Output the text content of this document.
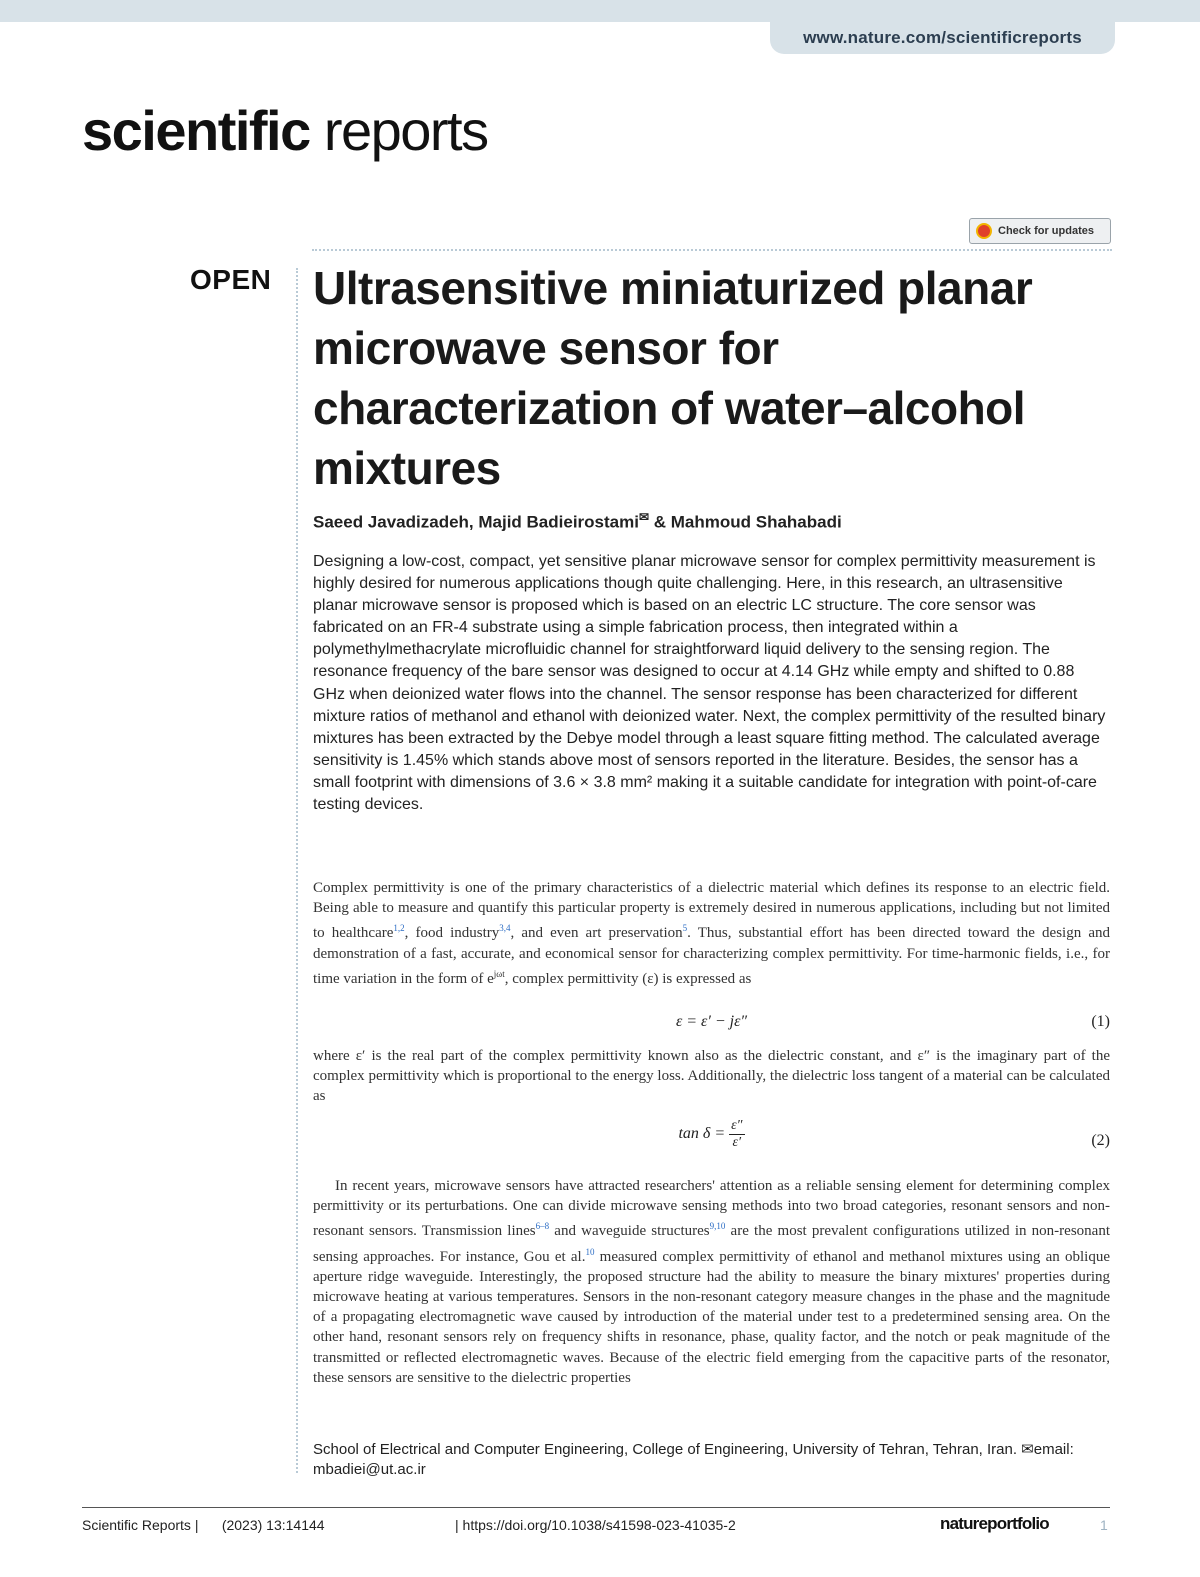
www.nature.com/scientificreports
scientific reports
Check for updates
OPEN Ultrasensitive miniaturized planar microwave sensor for characterization of water–alcohol mixtures
Saeed Javadizadeh, Majid Badieirostami✉ & Mahmoud Shahabadi

Designing a low-cost, compact, yet sensitive planar microwave sensor for complex permittivity measurement is highly desired for numerous applications though quite challenging. Here, in this research, an ultrasensitive planar microwave sensor is proposed which is based on an electric LC structure. The core sensor was fabricated on an FR-4 substrate using a simple fabrication process, then integrated within a polymethylmethacrylate microfluidic channel for straightforward liquid delivery to the sensing region. The resonance frequency of the bare sensor was designed to occur at 4.14 GHz while empty and shifted to 0.88 GHz when deionized water flows into the channel. The sensor response has been characterized for different mixture ratios of methanol and ethanol with deionized water. Next, the complex permittivity of the resulted binary mixtures has been extracted by the Debye model through a least square fitting method. The calculated average sensitivity is 1.45% which stands above most of sensors reported in the literature. Besides, the sensor has a small footprint with dimensions of 3.6 × 3.8 mm² making it a suitable candidate for integration with point-of-care testing devices.

Complex permittivity is one of the primary characteristics of a dielectric material which defines its response to an electric field. Being able to measure and quantify this particular property is extremely desired in numerous applications, including but not limited to healthcare$^{1,2}$, food industry$^{3,4}$, and even art preservation$^5$. Thus, substantial effort has been directed toward the design and demonstration of a fast, accurate, and economical sensor for characterizing complex permittivity. For time-harmonic fields, i.e., for time variation in the form of $e^{j\omega t}$, complex permittivity (ε) is expressed as

ε = ε′ − jε″	(1)

where ε′ is the real part of the complex permittivity known also as the dielectric constant, and ε″ is the imaginary part of the complex permittivity which is proportional to the energy loss. Additionally, the dielectric loss tangent of a material can be calculated as

$\tan \delta = \frac{\varepsilon''}{\varepsilon'}$	(2)

In recent years, microwave sensors have attracted researchers' attention as a reliable sensing element for determining complex permittivity or its perturbations. One can divide microwave sensing methods into two broad categories, resonant sensors and non-resonant sensors. Transmission lines$^{6-8}$ and waveguide structures$^{9,10}$ are the most prevalent configurations utilized in non-resonant sensing approaches. For instance, Gou et al.$^{10}$ measured complex permittivity of ethanol and methanol mixtures using an oblique aperture ridge waveguide. Interestingly, the proposed structure had the ability to measure the binary mixtures' properties during microwave heating at various temperatures. Sensors in the non-resonant category measure changes in the phase and the magnitude of a propagating electromagnetic wave caused by introduction of the material under test to a predetermined sensing area. On the other hand, resonant sensors rely on frequency shifts in resonance, phase, quality factor, and the notch or peak magnitude of the transmitted or reflected electromagnetic waves. Because of the electric field emerging from the capacitive parts of the resonator, these sensors are sensitive to the dielectric properties

School of Electrical and Computer Engineering, College of Engineering, University of Tehran, Tehran, Iran. ✉email: mbadiei@ut.ac.ir

Scientific Reports | (2023) 13:14144	| https://doi.org/10.1038/s41598-023-41035-2	natureportfolio	1
